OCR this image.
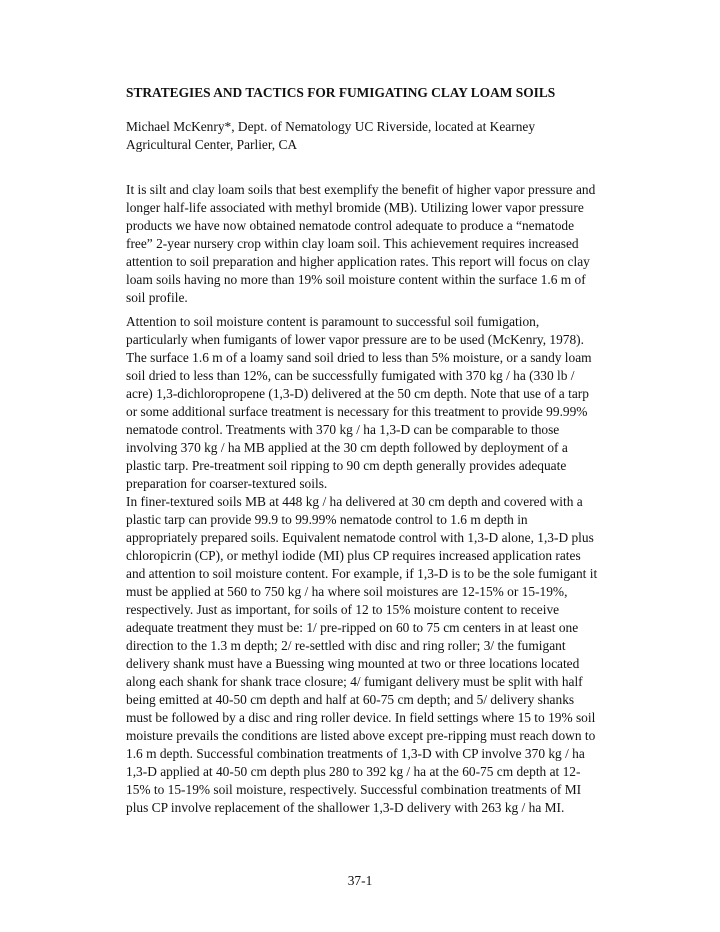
STRATEGIES AND TACTICS FOR FUMIGATING CLAY LOAM SOILS

Michael McKenry*, Dept. of Nematology UC Riverside, located at Kearney Agricultural Center, Parlier, CA

It is silt and clay loam soils that best exemplify the benefit of higher vapor pressure and longer half-life associated with methyl bromide (MB). Utilizing lower vapor pressure products we have now obtained nematode control adequate to produce a “nematode free” 2-year nursery crop within clay loam soil. This achievement requires increased attention to soil preparation and higher application rates. This report will focus on clay loam soils having no more than 19% soil moisture content within the surface 1.6 m of soil profile.

Attention to soil moisture content is paramount to successful soil fumigation, particularly when fumigants of lower vapor pressure are to be used (McKenry, 1978). The surface 1.6 m of a loamy sand soil dried to less than 5% moisture, or a sandy loam soil dried to less than 12%, can be successfully fumigated with 370 kg / ha (330 lb / acre) 1,3-dichloropropene (1,3-D) delivered at the 50 cm depth. Note that use of a tarp or some additional surface treatment is necessary for this treatment to provide 99.99% nematode control. Treatments with 370 kg / ha 1,3-D can be comparable to those involving 370 kg / ha MB applied at the 30 cm depth followed by deployment of a plastic tarp. Pre-treatment soil ripping to 90 cm depth generally provides adequate preparation for coarser-textured soils.

In finer-textured soils MB at 448 kg / ha delivered at 30 cm depth and covered with a plastic tarp can provide 99.9 to 99.99% nematode control to 1.6 m depth in appropriately prepared soils. Equivalent nematode control with 1,3-D alone, 1,3-D plus chloropicrin (CP), or methyl iodide (MI) plus CP requires increased application rates and attention to soil moisture content. For example, if 1,3-D is to be the sole fumigant it must be applied at 560 to 750 kg / ha where soil moistures are 12-15% or 15-19%, respectively. Just as important, for soils of 12 to 15% moisture content to receive adequate treatment they must be: 1/ pre-ripped on 60 to 75 cm centers in at least one direction to the 1.3 m depth; 2/ re-settled with disc and ring roller; 3/ the fumigant delivery shank must have a Buessing wing mounted at two or three locations located along each shank for shank trace closure; 4/ fumigant delivery must be split with half being emitted at 40-50 cm depth and half at 60-75 cm depth; and 5/ delivery shanks must be followed by a disc and ring roller device. In field settings where 15 to 19% soil moisture prevails the conditions are listed above except pre-ripping must reach down to 1.6 m depth. Successful combination treatments of 1,3-D with CP involve 370 kg / ha 1,3-D applied at 40-50 cm depth plus 280 to 392 kg / ha at the 60-75 cm depth at 12-15% to 15-19% soil moisture, respectively. Successful combination treatments of MI plus CP involve replacement of the shallower 1,3-D delivery with 263 kg / ha MI.

37-1
